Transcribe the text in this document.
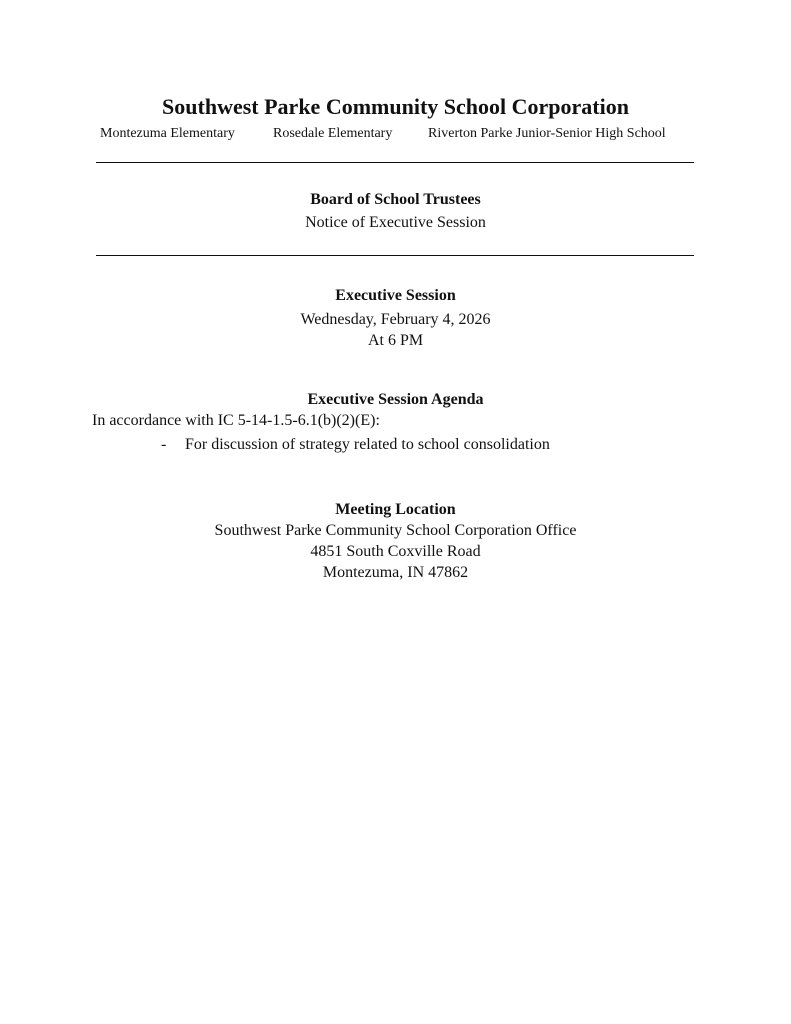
Southwest Parke Community School Corporation
Montezuma Elementary	Rosedale Elementary	Riverton Parke Junior-Senior High School
Board of School Trustees
Notice of Executive Session
Executive Session
Wednesday, February 4, 2026
At 6 PM
Executive Session Agenda
In accordance with IC 5-14-1.5-6.1(b)(2)(E):
- For discussion of strategy related to school consolidation
Meeting Location
Southwest Parke Community School Corporation Office
4851 South Coxville Road
Montezuma, IN 47862
